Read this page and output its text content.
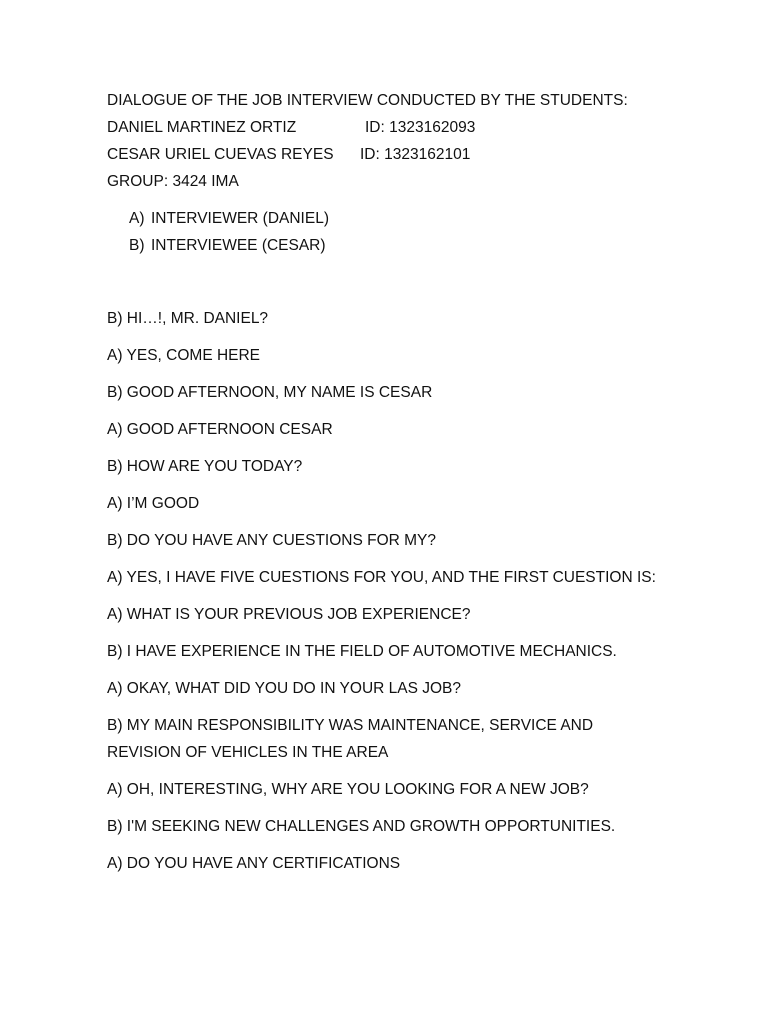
DIALOGUE OF THE JOB INTERVIEW CONDUCTED BY THE STUDENTS:
DANIEL MARTINEZ ORTIZ	ID: 1323162093
CESAR URIEL CUEVAS REYES ID: 1323162101
GROUP: 3424 IMA
A) INTERVIEWER (DANIEL)
B) INTERVIEWEE (CESAR)
B) HI…!, MR. DANIEL?
A) YES, COME HERE
B) GOOD AFTERNOON, MY NAME IS CESAR
A) GOOD AFTERNOON CESAR
B) HOW ARE YOU TODAY?
A) I’M GOOD
B) DO YOU HAVE ANY CUESTIONS FOR MY?
A) YES, I HAVE FIVE CUESTIONS FOR YOU, AND THE FIRST CUESTION IS:
A) WHAT IS YOUR PREVIOUS JOB EXPERIENCE?
B) I HAVE EXPERIENCE IN THE FIELD OF AUTOMOTIVE MECHANICS.
A) OKAY, WHAT DID YOU DO IN YOUR LAS JOB?
B) MY MAIN RESPONSIBILITY WAS MAINTENANCE, SERVICE AND REVISION OF VEHICLES IN THE AREA
A) OH, INTERESTING, WHY ARE YOU LOOKING FOR A NEW JOB?
B) I'M SEEKING NEW CHALLENGES AND GROWTH OPPORTUNITIES.
A) DO YOU HAVE ANY CERTIFICATIONS
